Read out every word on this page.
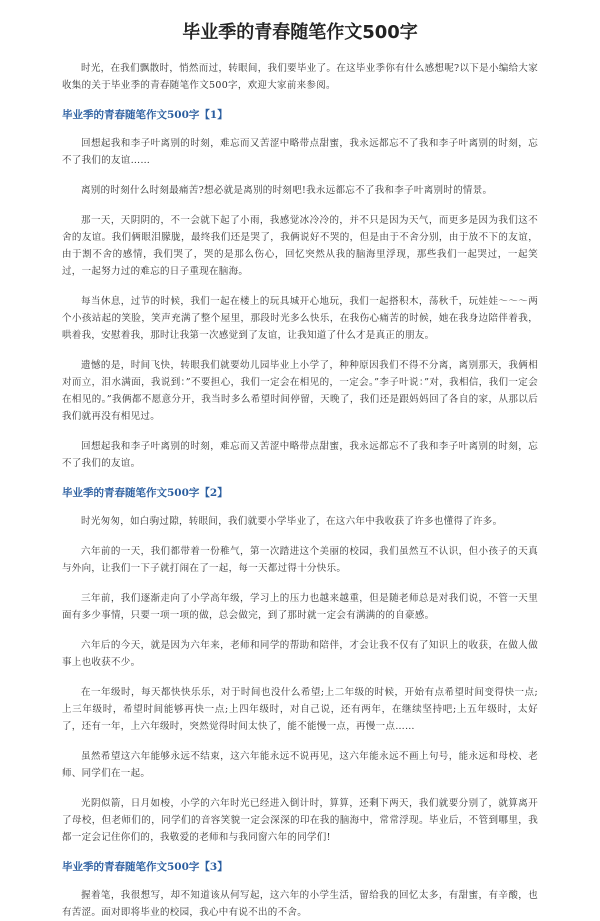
毕业季的青春随笔作文500字

时光，在我们飘散时，悄然而过，转眼间，我们要毕业了。在这毕业季你有什么感想呢?以下是小编给大家收集的关于毕业季的青春随笔作文500字，欢迎大家前来参阅。

毕业季的青春随笔作文500字【1】

回想起我和李子叶离别的时刻，难忘而又苦涩中略带点甜蜜，我永远都忘不了我和李子叶离别的时刻，忘不了我们的友谊……

离别的时刻什么时刻最痛苦?想必就是离别的时刻吧!我永远都忘不了我和李子叶离别时的情景。

那一天，天阴阴的，不一会就下起了小雨，我感觉冰冷冷的，并不只是因为天气，而更多是因为我们这不舍的友谊。我们俩眼泪朦胧，最终我们还是哭了，我俩说好不哭的，但是由于不舍分别，由于放不下的友谊，由于割不舍的感情，我们哭了，哭的是那么伤心，回忆突然从我的脑海里浮现，那些我们一起哭过，一起笑过，一起努力过的难忘的日子重现在脑海。

每当休息，过节的时候，我们一起在楼上的玩具城开心地玩，我们一起搭积木，荡秋千，玩娃娃～～～两个小孩站起的笑脸，笑声充满了整个屋里，那段时光多么快乐，在我伤心痛苦的时候，她在我身边陪伴着我，哄着我，安慰着我，那时让我第一次感觉到了友谊，让我知道了什么才是真正的朋友。

遗憾的是，时间飞快，转眼我们就要幼儿园毕业上小学了，种种原因我们不得不分离，离别那天，我俩相对而立，泪水满面，我说到：”不要担心，我们一定会在相见的，一定会。”李子叶说：”对，我相信，我们一定会在相见的。”我俩都不愿意分开，我当时多么希望时间停留，天晚了，我们还是跟妈妈回了各自的家，从那以后我们就再没有相见过。

回想起我和李子叶离别的时刻，难忘而又苦涩中略带点甜蜜，我永远都忘不了我和李子叶离别的时刻，忘不了我们的友谊。

毕业季的青春随笔作文500字【2】

时光匆匆，如白驹过隙，转眼间，我们就要小学毕业了，在这六年中我收获了许多也懂得了许多。

六年前的一天，我们都带着一份稚气，第一次踏进这个美丽的校园，我们虽然互不认识，但小孩子的天真与外向，让我们一下子就打闹在了一起，每一天都过得十分快乐。

三年前，我们逐渐走向了小学高年级，学习上的压力也越来越重，但是随老师总是对我们说，不管一天里面有多少事情，只要一项一项的做，总会做完，到了那时就一定会有满满的的自豪感。

六年后的今天，就是因为六年来，老师和同学的帮助和陪伴，才会让我不仅有了知识上的收获，在做人做事上也收获不少。

在一年级时，每天都快快乐乐，对于时间也没什么希望;上二年级的时候，开始有点希望时间变得快一点;上三年级时，希望时间能够再快一点;上四年级时，对自己说，还有两年，在继续坚持吧;上五年级时，太好了，还有一年，上六年级时，突然觉得时间太快了，能不能慢一点，再慢一点……

虽然希望这六年能够永远不结束，这六年能永远不说再见，这六年能永远不画上句号，能永远和母校、老师、同学们在一起。

光阴似箭，日月如梭，小学的六年时光已经进入倒计时，算算，还剩下两天，我们就要分别了，就算离开了母校，但老师们的，同学们的音容笑貌一定会深深的印在我的脑海中，常常浮现。毕业后，不管到哪里，我都一定会记住你们的，我敬爱的老师和与我同窗六年的同学们!

毕业季的青春随笔作文500字【3】

握着笔，我很想写，却不知道该从何写起，这六年的小学生活，留给我的回忆太多，有甜蜜，有辛酸，也有苦涩。面对即将毕业的校园，我心中有说不出的不舍。
